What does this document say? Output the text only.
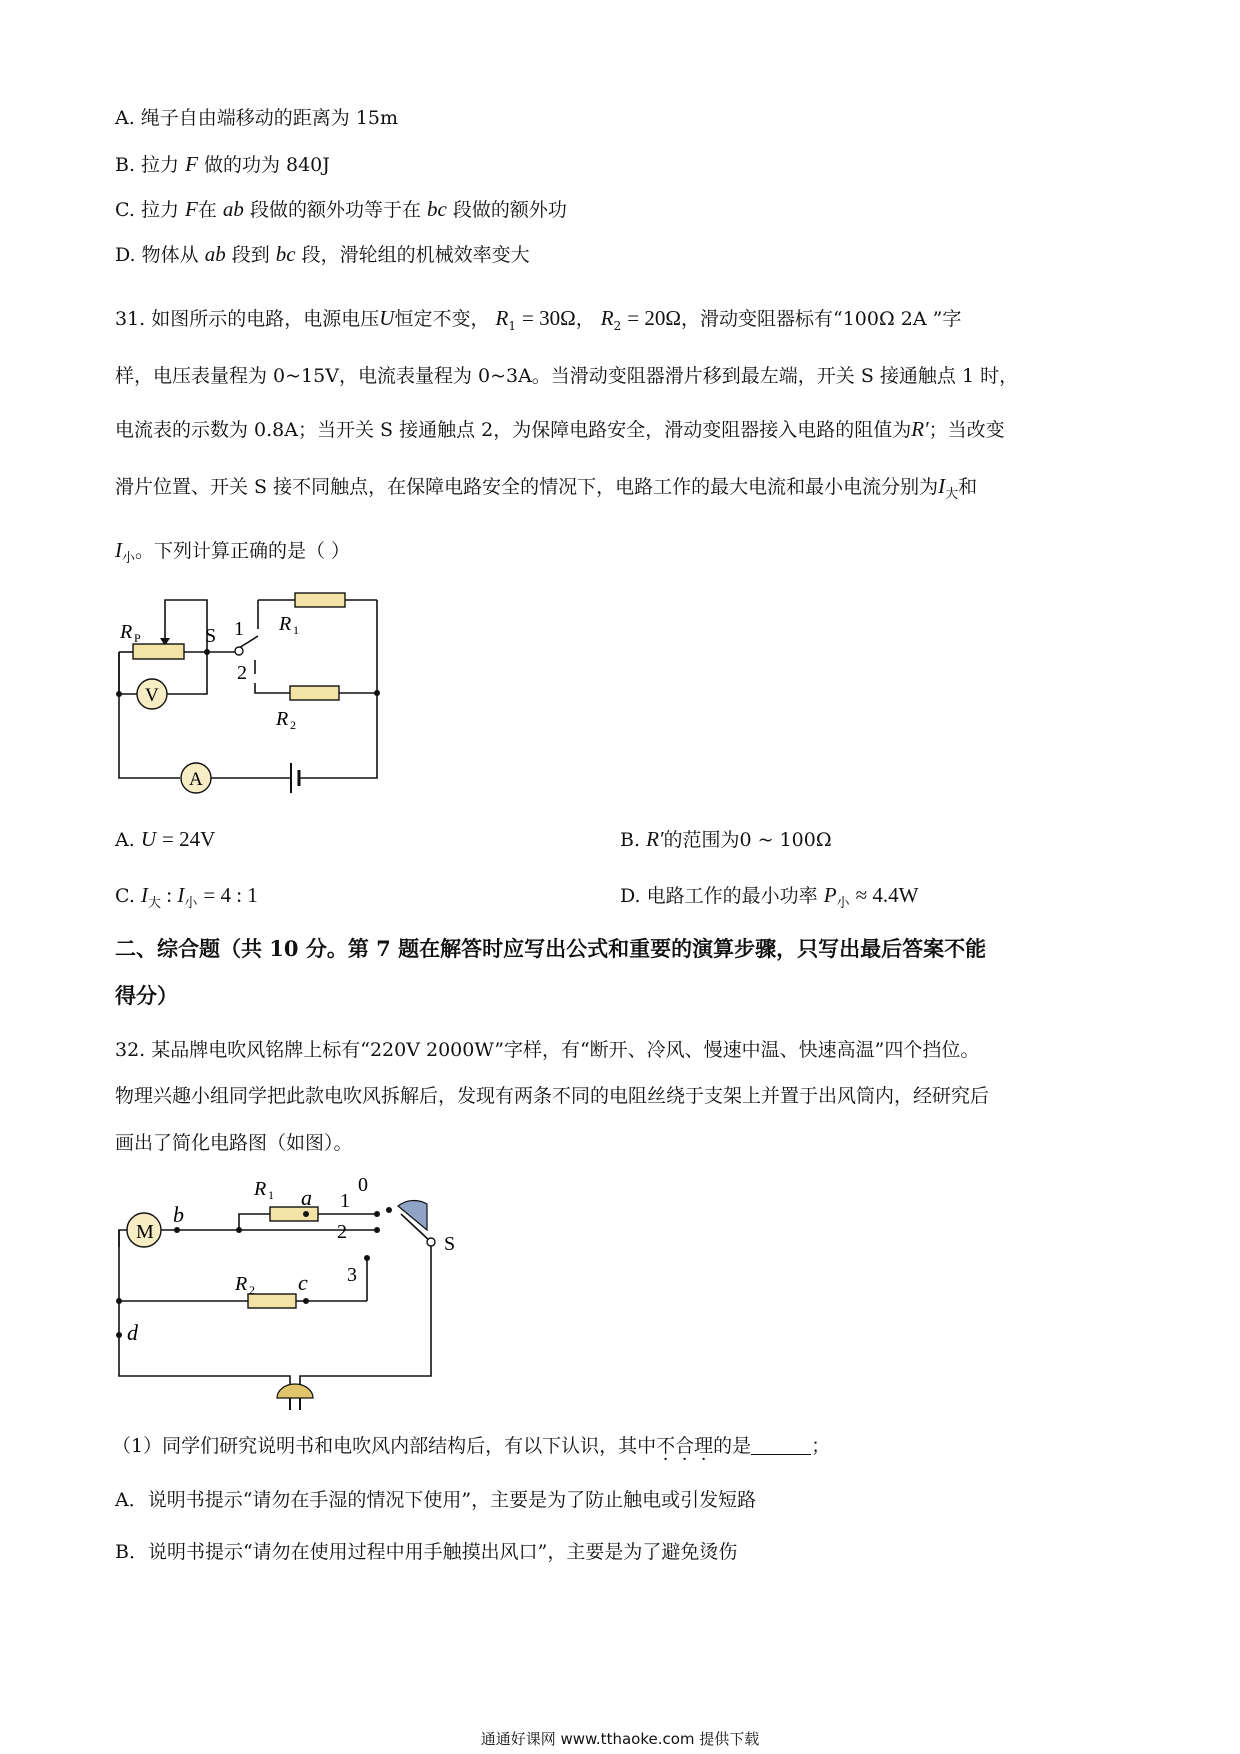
A. 绳子自由端移动的距离为 15m
B. 拉力 F 做的功为 840J
C. 拉力 F在 ab 段做的额外功等于在 bc 段做的额外功
D. 物体从 ab 段到 bc 段，滑轮组的机械效率变大
31. 如图所示的电路，电源电压U恒定不变， $R_1 = 30\Omega$， $R_2 = 20\Omega$，滑动变阻器标有“100Ω 2A ”字
样，电压表量程为 0~15V，电流表量程为 0~3A。当滑动变阻器滑片移到最左端，开关 S 接通触点 1 时，
电流表的示数为 0.8A；当开关 S 接通触点 2，为保障电路安全，滑动变阻器接入电路的阻值为R′；当改变
滑片位置、开关 S 接不同触点，在保障电路安全的情况下，电路工作的最大电流和最小电流分别为$I_大$和
$I_小$。下列计算正确的是（ ）
R P	S 1
2
R 1
R 2
V
A
A. U = 24V	B. R′的范围为0 ~ 100Ω
C. $I_大$ : $I_小 = 4$ : 1	D. 电路工作的最小功率 $P_小 \approx 4.4W$
二、综合题（共 10 分。第 7 题在解答时应写出公式和重要的演算步骤，只写出最后答案不能
得分）
32. 某品牌电吹风铭牌上标有“220V 2000W”字样，有“断开、冷风、慢速中温、快速高温”四个挡位。
物理兴趣小组同学把此款电吹风拆解后，发现有两条不同的电阻丝绕于支架上并置于出风筒内，经研究后
画出了简化电路图（如图）。
M
b
R 1 a 1
0
2
S
R 2 c 3
d
（1）同学们研究说明书和电吹风内部结构后，有以下认识，其中不合理的是	；
A．说明书提示“请勿在手湿的情况下使用”，主要是为了防止触电或引发短路
B．说明书提示“请勿在使用过程中用手触摸出风口”，主要是为了避免烫伤
通通好课网 www.tthaoke.com 提供下载
